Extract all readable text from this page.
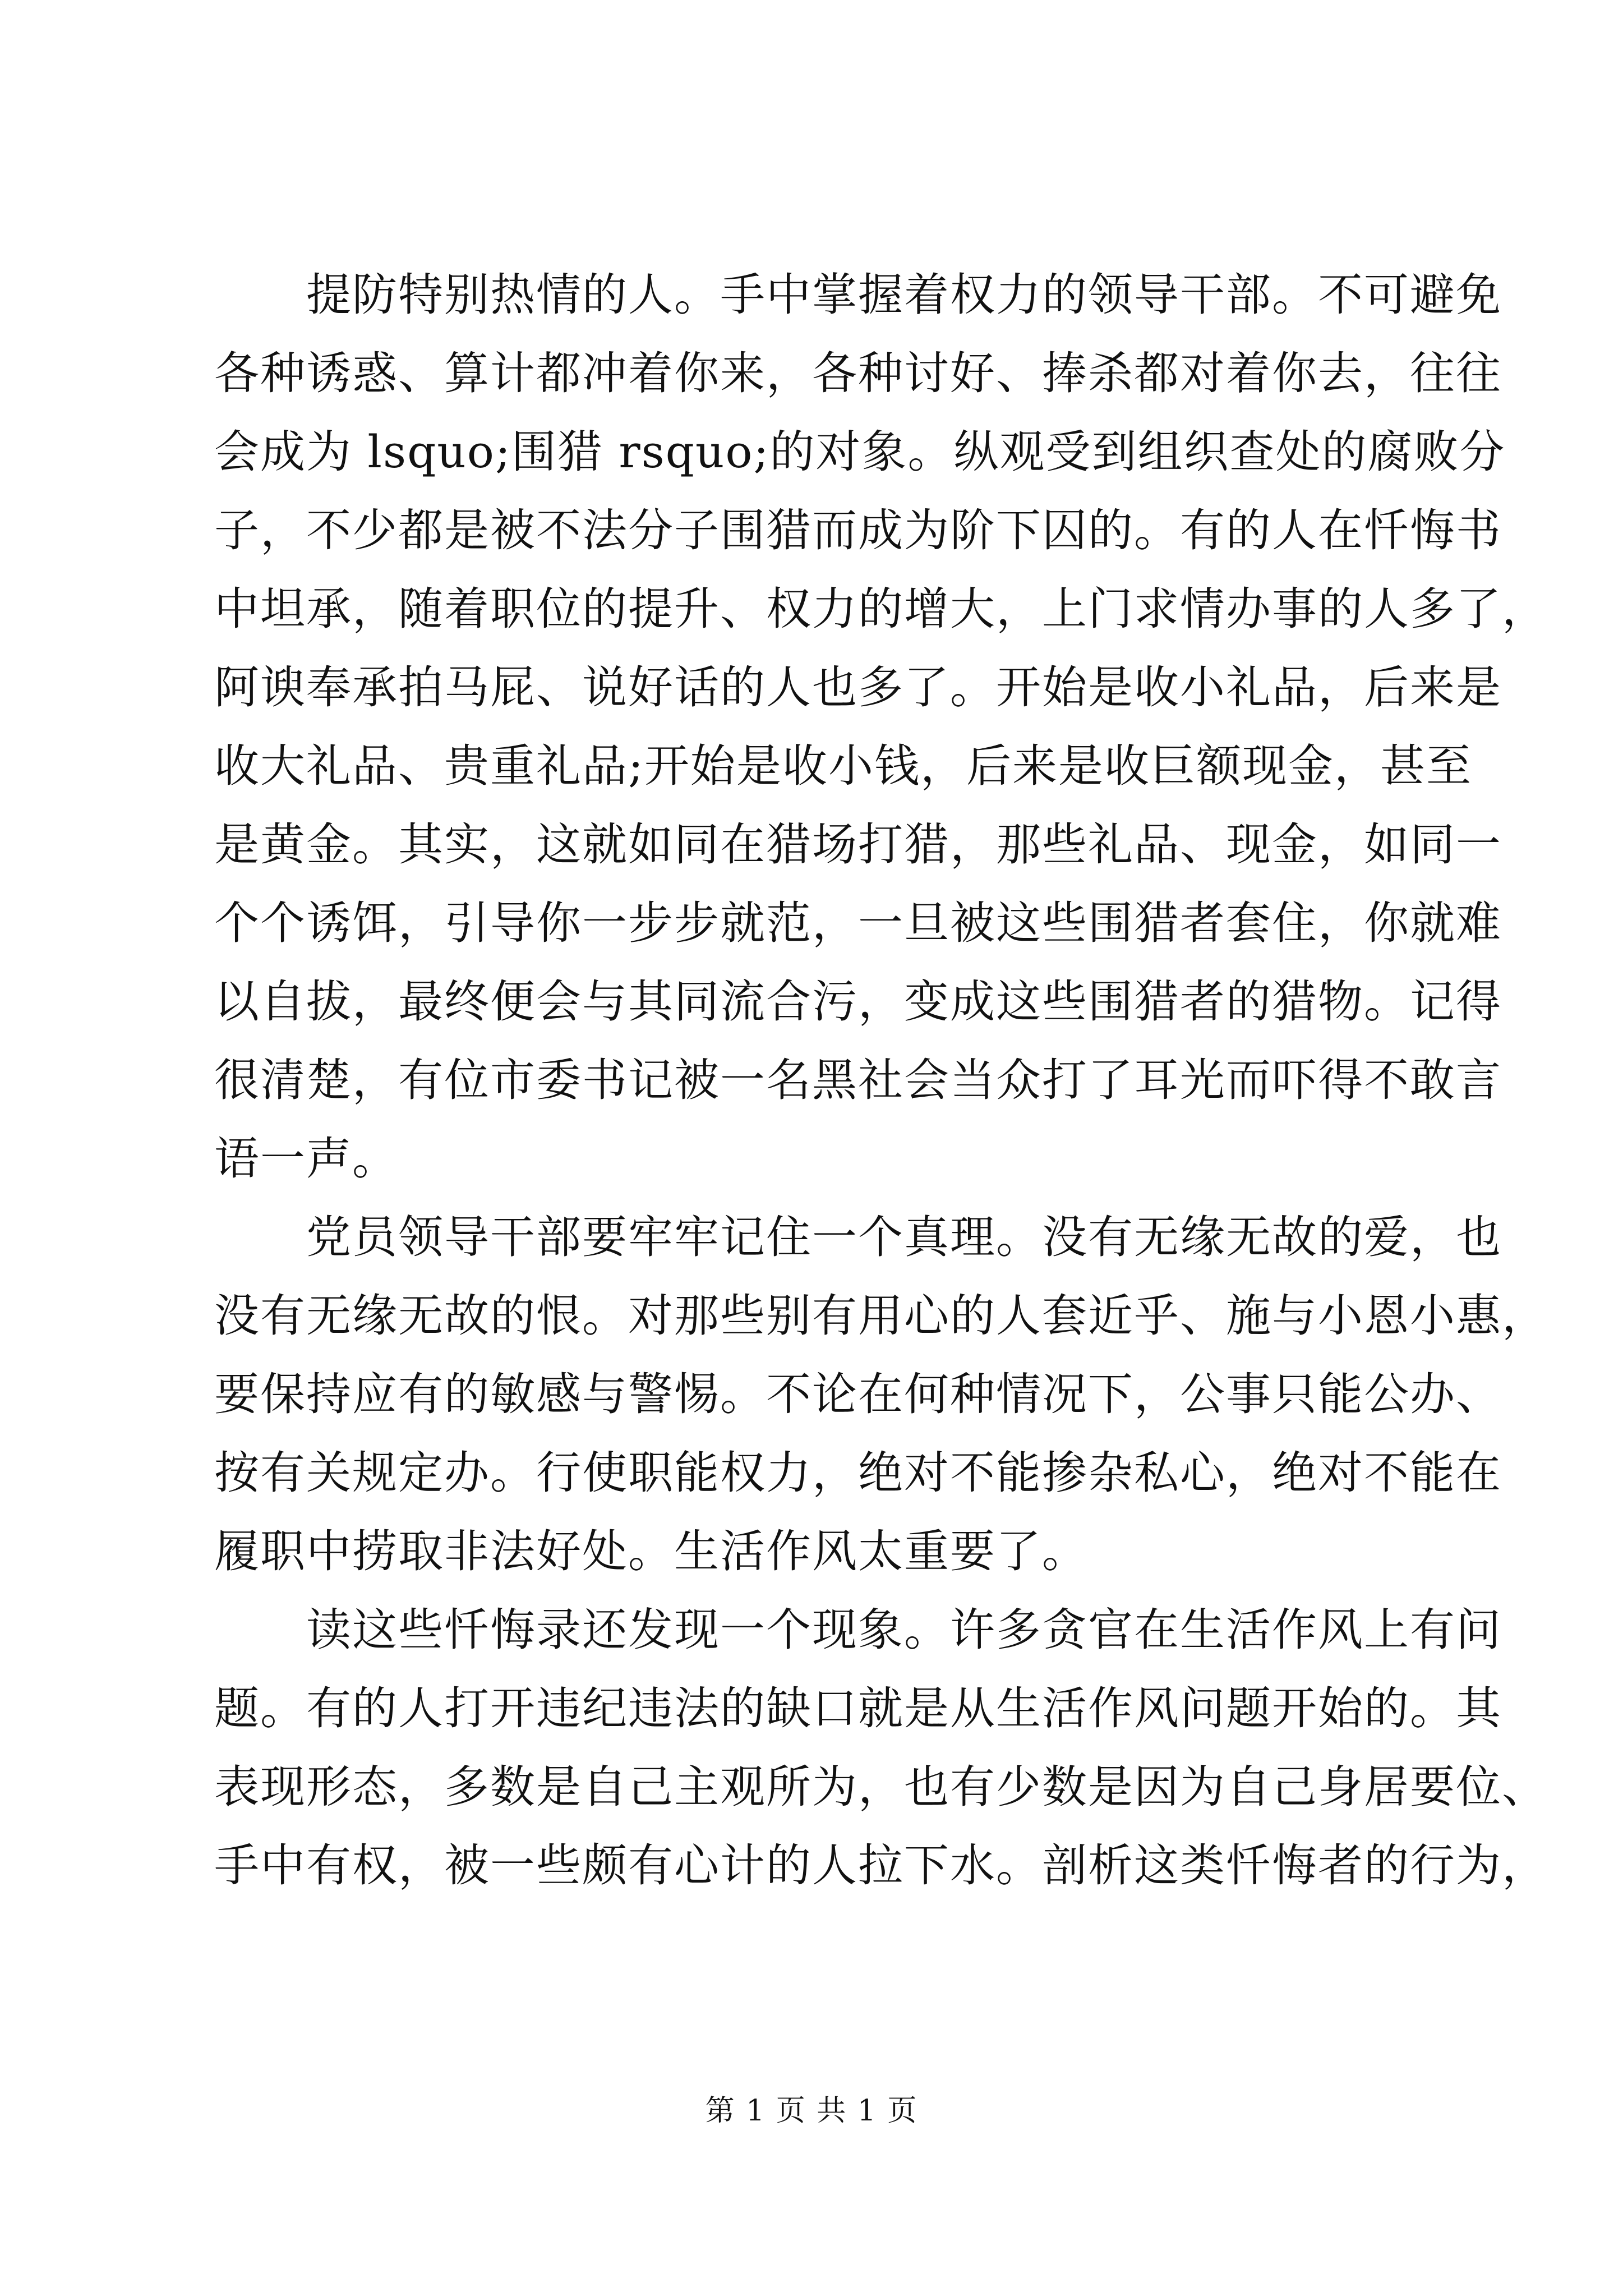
　　提防特别热情的人。手中掌握着权力的领导干部。不可避免
各种诱惑、算计都冲着你来，各种讨好、捧杀都对着你去，往往
会成为 lsquo;围猎 rsquo;的对象。纵观受到组织查处的腐败分
子，不少都是被不法分子围猎而成为阶下囚的。有的人在忏悔书
中坦承，随着职位的提升、权力的增大，上门求情办事的人多了，
阿谀奉承拍马屁、说好话的人也多了。开始是收小礼品，后来是
收大礼品、贵重礼品;开始是收小钱，后来是收巨额现金，甚至
是黄金。其实，这就如同在猎场打猎，那些礼品、现金，如同一
个个诱饵，引导你一步步就范，一旦被这些围猎者套住，你就难
以自拔，最终便会与其同流合污，变成这些围猎者的猎物。记得
很清楚，有位市委书记被一名黑社会当众打了耳光而吓得不敢言
语一声。
　　党员领导干部要牢牢记住一个真理。没有无缘无故的爱，也
没有无缘无故的恨。对那些别有用心的人套近乎、施与小恩小惠，
要保持应有的敏感与警惕。不论在何种情况下，公事只能公办、
按有关规定办。行使职能权力，绝对不能掺杂私心，绝对不能在
履职中捞取非法好处。生活作风太重要了。
　　读这些忏悔录还发现一个现象。许多贪官在生活作风上有问
题。有的人打开违纪违法的缺口就是从生活作风问题开始的。其
表现形态，多数是自己主观所为，也有少数是因为自己身居要位、
手中有权，被一些颇有心计的人拉下水。剖析这类忏悔者的行为，
第 1 页 共 1 页
